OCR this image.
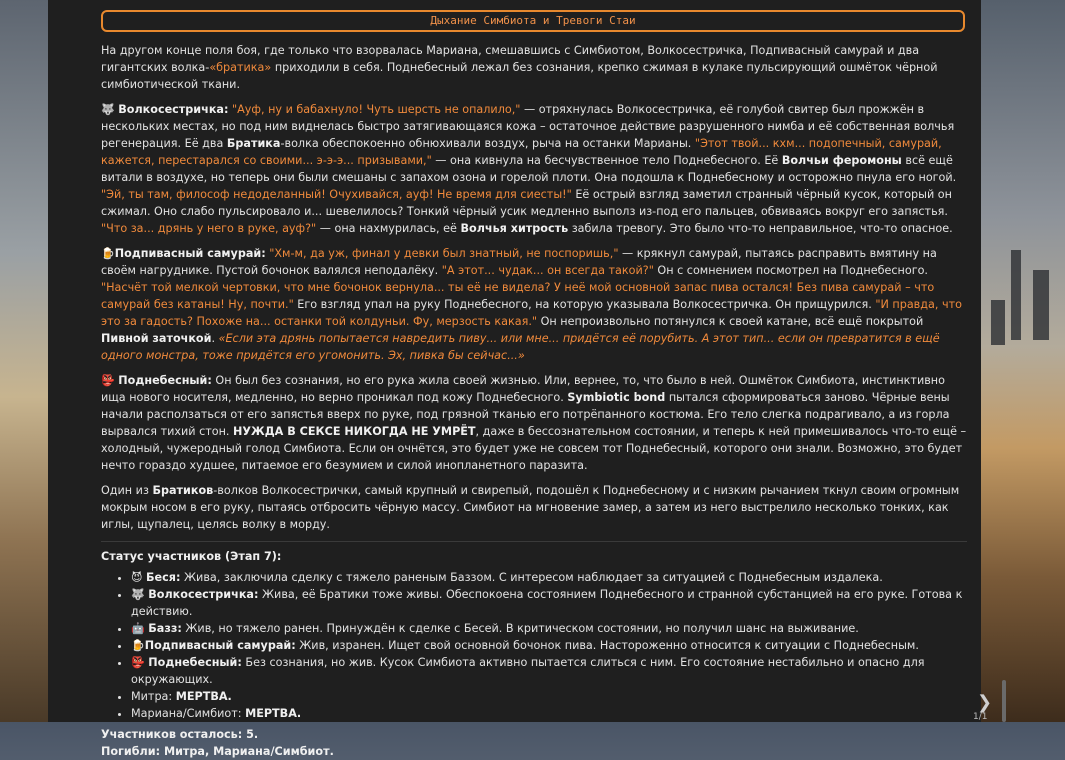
Дыхание Симбиота и Тревоги Стаи

На другом конце поля боя, где только что взорвалась Мариана, смешавшись с Симбиотом, Волкосестричка, Подпивасный самурай и два гигантских волка-«братика» приходили в себя. Поднебесный лежал без сознания, крепко сжимая в кулаке пульсирующий ошмёток чёрной симбиотической ткани.

🐺 Волкосестричка: "Ауф, ну и бабахнуло! Чуть шерсть не опалило," — отряхнулась Волкосестричка, её голубой свитер был прожжён в нескольких местах, но под ним виднелась быстро затягивающаяся кожа – остаточное действие разрушенного нимба и её собственная волчья регенерация. Её два Братика-волка обеспокоенно обнюхивали воздух, рыча на останки Марианы. "Этот твой... кхм... подопечный, самурай, кажется, перестарался со своими... э-э-э... призывами," — она кивнула на бесчувственное тело Поднебесного. Её Волчьи феромоны всё ещё витали в воздухе, но теперь они были смешаны с запахом озона и горелой плоти. Она подошла к Поднебесному и осторожно пнула его ногой. "Эй, ты там, философ недоделанный! Очухивайся, ауф! Не время для сиесты!" Её острый взгляд заметил странный чёрный кусок, который он сжимал. Оно слабо пульсировало и... шевелилось? Тонкий чёрный усик медленно выполз из-под его пальцев, обвиваясь вокруг его запястья. "Что за... дрянь у него в руке, ауф?" — она нахмурилась, её Волчья хитрость забила тревогу. Это было что-то неправильное, что-то опасное.

🍺Подпивасный самурай: "Хм-м, да уж, финал у девки был знатный, не поспоришь," — крякнул самурай, пытаясь расправить вмятину на своём нагруднике. Пустой бочонок валялся неподалёку. "А этот... чудак... он всегда такой?" Он с сомнением посмотрел на Поднебесного. "Насчёт той мелкой чертовки, что мне бочонок вернула... ты её не видела? У неё мой основной запас пива остался! Без пива самурай – что самурай без катаны! Ну, почти." Его взгляд упал на руку Поднебесного, на которую указывала Волкосестричка. Он прищурился. "И правда, что это за гадость? Похоже на... останки той колдуньи. Фу, мерзость какая." Он непроизвольно потянулся к своей катане, всё ещё покрытой Пивной заточкой. «Если эта дрянь попытается навредить пиву... или мне... придётся её порубить. А этот тип... если он превратится в ещё одного монстра, тоже придётся его угомонить. Эх, пивка бы сейчас...»

👺 Поднебесный: Он был без сознания, но его рука жила своей жизнью. Или, вернее, то, что было в ней. Ошмёток Симбиота, инстинктивно ища нового носителя, медленно, но верно проникал под кожу Поднебесного. Symbiotic bond пытался сформироваться заново. Чёрные вены начали расползаться от его запястья вверх по руке, под грязной тканью его потрёпанного костюма. Его тело слегка подрагивало, а из горла вырвался тихий стон. НУЖДА В СЕКСЕ НИКОГДА НЕ УМРЁТ, даже в бессознательном состоянии, и теперь к ней примешивалось что-то ещё – холодный, чужеродный голод Симбиота. Если он очнётся, это будет уже не совсем тот Поднебесный, которого они знали. Возможно, это будет нечто гораздо худшее, питаемое его безумием и силой инопланетного паразита.

Один из Братиков-волков Волкосестрички, самый крупный и свирепый, подошёл к Поднебесному и с низким рычанием ткнул своим огромным мокрым носом в его руку, пытаясь отбросить чёрную массу. Симбиот на мгновение замер, а затем из него выстрелило несколько тонких, как иглы, щупалец, целясь волку в морду.

Статус участников (Этап 7):
• 😈 Беся: Жива, заключила сделку с тяжело раненым Баззом. С интересом наблюдает за ситуацией с Поднебесным издалека.
• 🐺 Волкосестричка: Жива, её Братики тоже живы. Обеспокоена состоянием Поднебесного и странной субстанцией на его руке. Готова к действию.
• 🤖 Базз: Жив, но тяжело ранен. Принуждён к сделке с Бесей. В критическом состоянии, но получил шанс на выживание.
• 🍺Подпивасный самурай: Жив, изранен. Ищет свой основной бочонок пива. Настороженно относится к ситуации с Поднебесным.
• 👺 Поднебесный: Без сознания, но жив. Кусок Симбиота активно пытается слиться с ним. Его состояние нестабильно и опасно для окружающих.
• Митра: МЕРТВА.
• Мариана/Симбиот: МЕРТВА.
Участников осталось: 5.
Погибли: Митра, Мариана/Симбиот.
❯
1/1
